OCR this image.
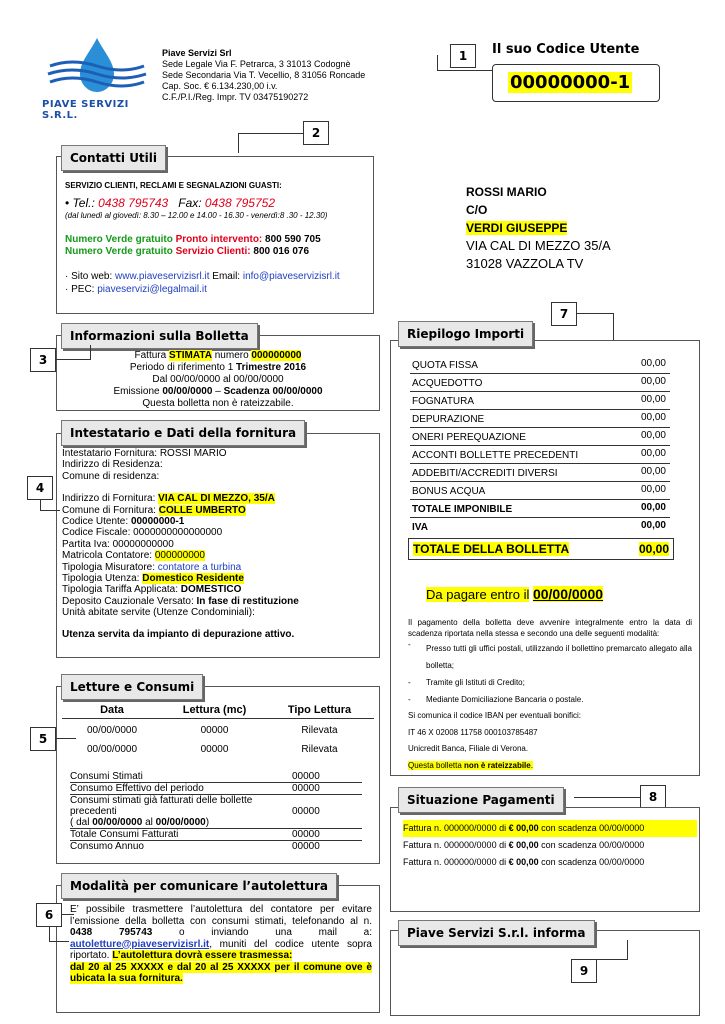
PIAVE SERVIZI S.R.L.
Piave Servizi Srl
Sede Legale Via F. Petrarca, 3 31013 Codognè
Sede Secondaria Via T. Vecellio, 8 31056 Roncade
Cap. Soc. € 6.134.230,00 i.v.
C.F./P.I./Reg. Impr. TV 03475190272
1	Il suo Codice Utente
00000000-1
2
Contatti Utili
SERVIZIO CLIENTI, RECLAMI E SEGNALAZIONI GUASTI:
• Tel.: 0438 795743 Fax: 0438 795752
(dal lunedì al giovedì: 8.30 – 12.00 e 14.00 - 16.30 - venerdì:8 .30 - 12.30)
Numero Verde gratuito Pronto intervento: 800 590 705
Numero Verde gratuito Servizio Clienti: 800 016 076
· Sito web: www.piaveservizisrl.it Email: info@piaveservizisrl.it
· PEC: piaveservizi@legalmail.it
ROSSI MARIO
C/O
VERDI GIUSEPPE
VIA CAL DI MEZZO 35/A
31028 VAZZOLA TV
Informazioni sulla Bolletta
3	Fattura STIMATA numero 000000000
Periodo di riferimento 1 Trimestre 2016
Dal 00/00/0000 al 00/00/0000
Emissione 00/00/0000 – Scadenza 00/00/0000
Questa bolletta non è rateizzabile.
Intestatario e Dati della fornitura
4
Intestatario Fornitura: ROSSI MARIO
Indirizzo di Residenza:
Comune di residenza:
Indirizzo di Fornitura: VIA CAL DI MEZZO, 35/A
Comune di Fornitura: COLLE UMBERTO
Codice Utente: 00000000-1
Codice Fiscale: 0000000000000000
Partita Iva: 00000000000
Matricola Contatore: 000000000
Tipologia Misuratore: contatore a turbina
Tipologia Utenza: Domestico Residente
Tipologia Tariffa Applicata: DOMESTICO
Deposito Cauzionale Versato: In fase di restituzione
Unità abitate servite (Utenze Condominiali):
Utenza servita da impianto di depurazione attivo.
Letture e Consumi
5
Data	Lettura (mc)	Tipo Lettura
00/00/0000	00000	Rilevata
00/00/0000	00000	Rilevata
Consumi Stimati	00000
Consumo Effettivo del periodo	00000
Consumi stimati già fatturati delle bollette precedenti
( dal 00/00/0000 al 00/00/0000)
00000
Totale Consumi Fatturati	00000
Consumo Annuo	00000
Modalità per comunicare l’autolettura
6	E’ possibile trasmettere l’autolettura del contatore per evitare l’emissione della bolletta con consumi stimati, telefonando al n. 0438 795743	o inviando una mail a: autoletture@piaveservizisrl.it, muniti del codice utente sopra riportato. L’autolettura dovrà essere trasmessa:
dal 20 al 25 XXXXX e dal 20 al 25 XXXXX per il comune ove è ubicata la sua fornitura.
7
Riepilogo Importi
QUOTA FISSA	00,00
ACQUEDOTTO	00,00
FOGNATURA	00,00
DEPURAZIONE	00,00
ONERI PEREQUAZIONE	00,00
ACCONTI BOLLETTE PRECEDENTI	00,00
ADDEBITI/ACCREDITI DIVERSI	00,00
BONUS ACQUA	00,00
TOTALE IMPONIBILE	00,00
IVA	00,00
TOTALE DELLA BOLLETTA	00,00
Da pagare entro il 00/00/0000
Il pagamento della bolletta deve avvenire integralmente entro la data di scadenza riportata nella stessa e secondo una delle seguenti modalità:
-	Presso tutti gli uffici postali, utilizzando il bollettino premarcato allegato alla bolletta;
-	Tramite gli Istituti di Credito;
-	Mediante Domiciliazione Bancaria o postale.
Si comunica il codice IBAN per eventuali bonifici:
IT 46 X 02008 11758 000103785487
Unicredit Banca, Filiale di Verona.
Questa bolletta non è rateizzabile.
8
Situazione Pagamenti
Fattura n. 000000/0000 di € 00,00 con scadenza 00/00/0000
Fattura n. 000000/0000 di € 00,00 con scadenza 00/00/0000
Fattura n. 000000/0000 di € 00,00 con scadenza 00/00/0000
Piave Servizi S.r.l. informa
9
